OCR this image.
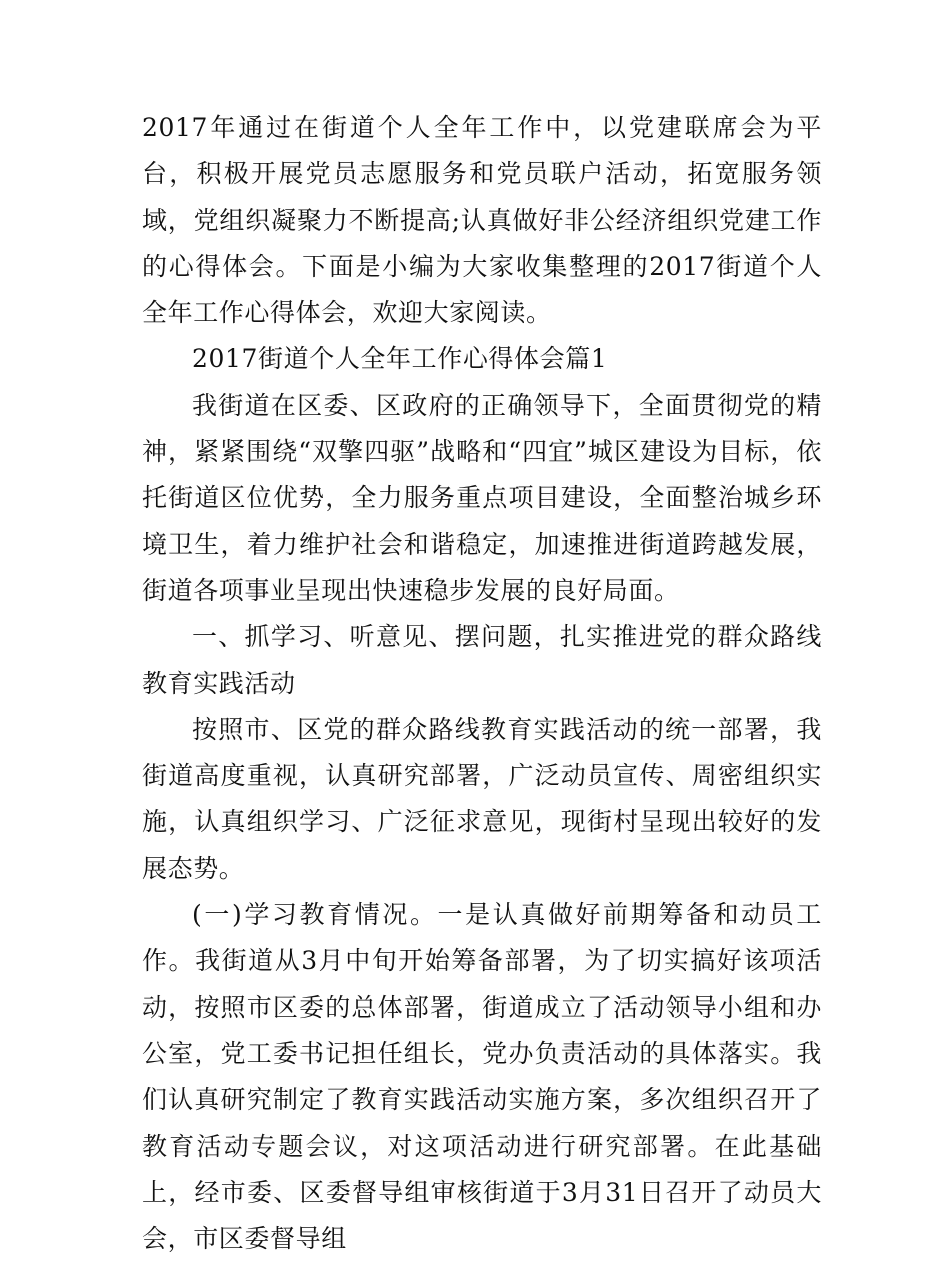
2017年通过在街道个人全年工作中，以党建联席会为平台，积极开展党员志愿服务和党员联户活动，拓宽服务领域，党组织凝聚力不断提高;认真做好非公经济组织党建工作的心得体会。下面是小编为大家收集整理的2017街道个人全年工作心得体会，欢迎大家阅读。

2017街道个人全年工作心得体会篇1

我街道在区委、区政府的正确领导下，全面贯彻党的精神，紧紧围绕“双擎四驱”战略和“四宜”城区建设为目标，依托街道区位优势，全力服务重点项目建设，全面整治城乡环境卫生，着力维护社会和谐稳定，加速推进街道跨越发展，街道各项事业呈现出快速稳步发展的良好局面。

一、抓学习、听意见、摆问题，扎实推进党的群众路线教育实践活动

按照市、区党的群众路线教育实践活动的统一部署，我街道高度重视，认真研究部署，广泛动员宣传、周密组织实施，认真组织学习、广泛征求意见，现街村呈现出较好的发展态势。

(一)学习教育情况。一是认真做好前期筹备和动员工作。我街道从3月中旬开始筹备部署，为了切实搞好该项活动，按照市区委的总体部署，街道成立了活动领导小组和办公室，党工委书记担任组长，党办负责活动的具体落实。我们认真研究制定了教育实践活动实施方案，多次组织召开了教育活动专题会议，对这项活动进行研究部署。在此基础上，经市委、区委督导组审核街道于3月31日召开了动员大会，市区委督导组
